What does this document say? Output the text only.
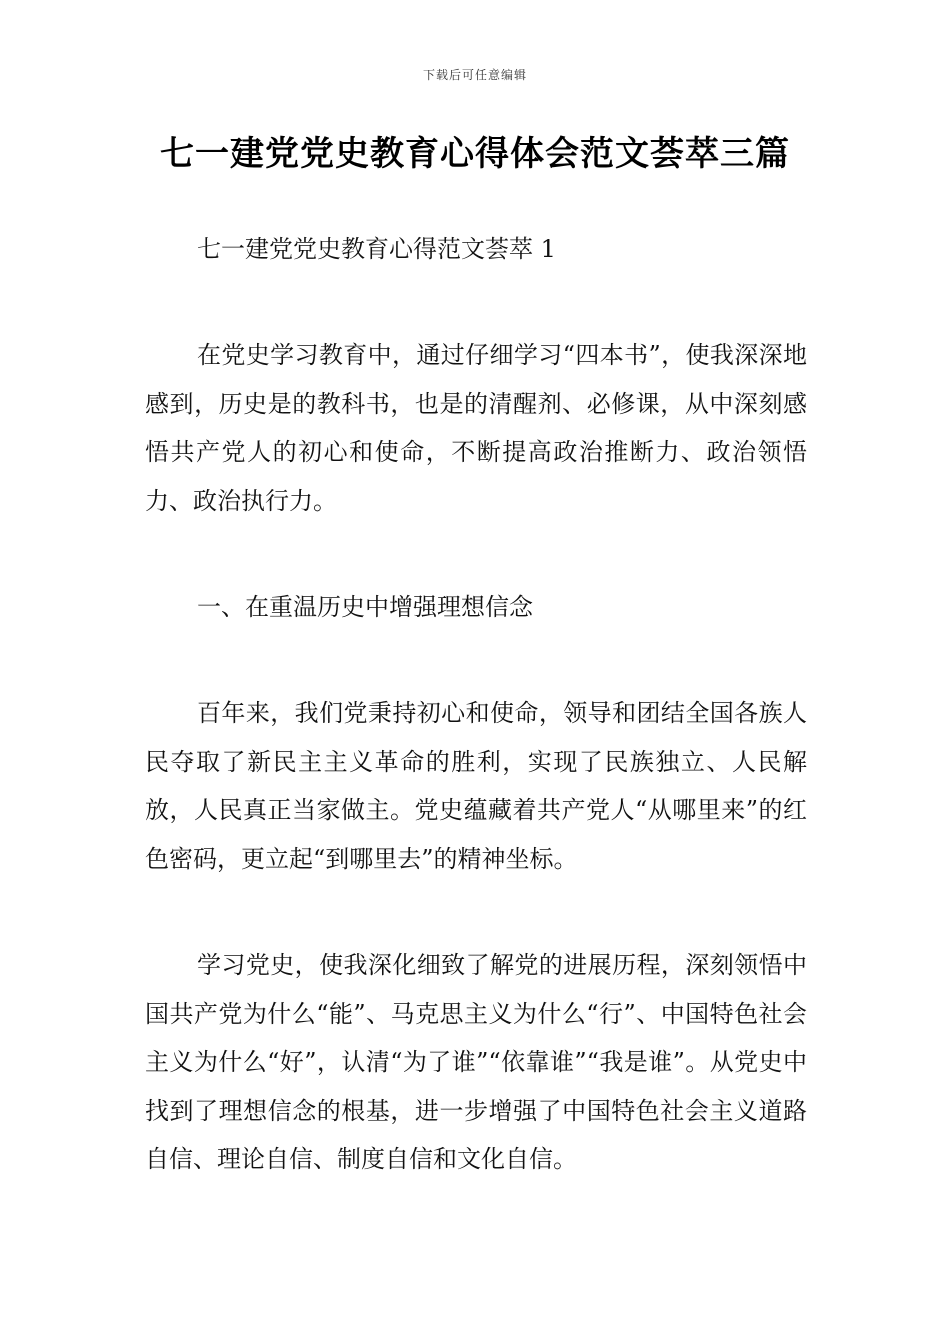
下载后可任意编辑
七一建党党史教育心得体会范文荟萃三篇

七一建党党史教育心得范文荟萃 1

在党史学习教育中，通过仔细学习“四本书”，使我深深地感到，历史是的教科书，也是的清醒剂、必修课，从中深刻感悟共产党人的初心和使命，不断提高政治推断力、政治领悟力、政治执行力。

一、在重温历史中增强理想信念

百年来，我们党秉持初心和使命，领导和团结全国各族人民夺取了新民主主义革命的胜利，实现了民族独立、人民解放，人民真正当家做主。党史蕴藏着共产党人“从哪里来”的红色密码，更立起“到哪里去”的精神坐标。

学习党史，使我深化细致了解党的进展历程，深刻领悟中国共产党为什么“能”、马克思主义为什么“行”、中国特色社会主义为什么“好”，认清“为了谁”“依靠谁”“我是谁”。从党史中找到了理想信念的根基，进一步增强了中国特色社会主义道路自信、理论自信、制度自信和文化自信。
